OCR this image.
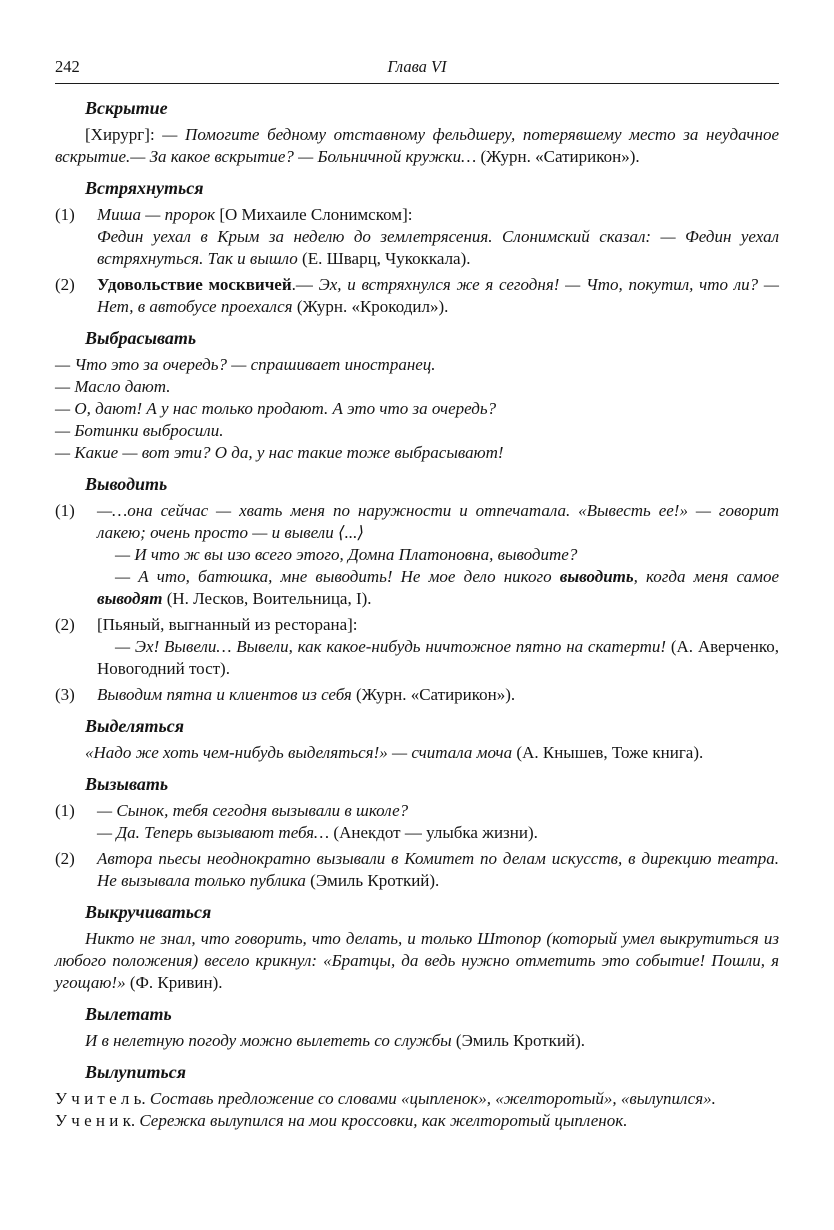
242	Глава VI
Вскрытие

[Хирург]: — Помогите бедному отставному фельдшеру, потерявшему место за неудачное вскрытие.— За какое вскрытие? — Больничной кружки… (Журн. «Сатирикон»).

Встряхнуться
(1) Миша — пророк [О Михаиле Слонимском]:

Федин уехал в Крым за неделю до землетрясения. Слонимский сказал: — Федин уехал встряхнуться. Так и вышло (Е. Шварц, Чукоккала).

(2) Удовольствие москвичей.— Эх, и встряхнулся же я сегодня! — Что, покутил, что ли? — Нет, в автобусе проехался (Журн. «Крокодил»).

Выбрасывать

— Что это за очередь? — спрашивает иностранец.

— Масло дают.

— О, дают! А у нас только продают. А это что за очередь?

— Ботинки выбросили.

— Какие — вот эти? О да, у нас такие тоже выбрасывают!

Выводить
(1) —…она сейчас — хвать меня по наружности и отпечатала. «Вывесть ее!» — говорит лакею; очень просто — и вывели ⟨...⟩

— И что ж вы изо всего этого, Домна Платоновна, выводите?

— А что, батюшка, мне выводить! Не мое дело никого выводить, когда меня самое выводят (Н. Лесков, Воительница, I).

(2) [Пьяный, выгнанный из ресторана]:

— Эх! Вывели… Вывели, как какое-нибудь ничтожное пятно на скатерти! (А. Аверченко, Новогодний тост).

(3) Выводим пятна и клиентов из себя (Журн. «Сатирикон»).

Выделяться

«Надо же хоть чем-нибудь выделяться!» — считала моча (А. Кнышев, Тоже книга).

Вызывать
(1) — Сынок, тебя сегодня вызывали в школе?

— Да. Теперь вызывают тебя… (Анекдот — улыбка жизни).

(2) Автора пьесы неоднократно вызывали в Комитет по делам искусств, в дирекцию театра. Не вызывала только публика (Эмиль Кроткий).

Выкручиваться

Никто не знал, что говорить, что делать, и только Штопор (который умел выкрутиться из любого положения) весело крикнул: «Братцы, да ведь нужно отметить это событие! Пошли, я угощаю!» (Ф. Кривин).

Вылетать

И в нелетную погоду можно вылететь со службы (Эмиль Кроткий).

Вылупиться

У ч и т е л ь. Составь предложение со словами «цыпленок», «желторотый», «вылупился».

У ч е н и к. Сережка вылупился на мои кроссовки, как желторотый цыпленок.
